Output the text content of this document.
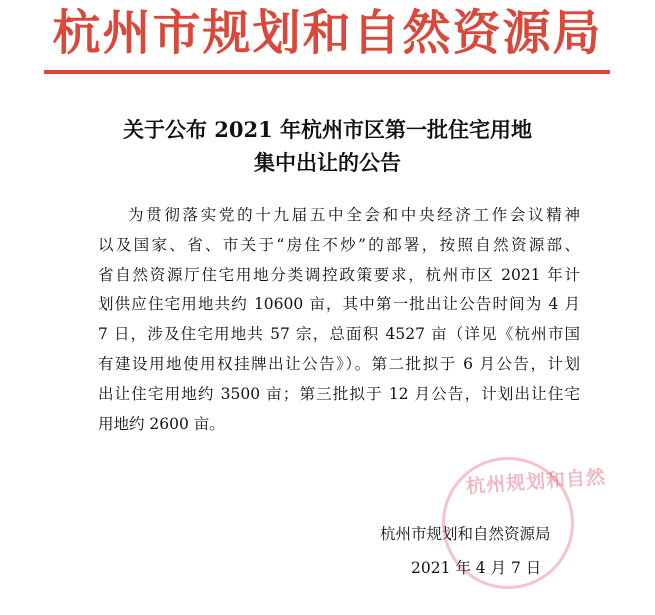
杭州市规划和自然资源局
关于公布 2021 年杭州市区第一批住宅用地
集中出让的公告
为贯彻落实党的十九届五中全会和中央经济工作会议精神
以及国家、省、市关于“房住不炒”的部署，按照自然资源部、
省自然资源厅住宅用地分类调控政策要求，杭州市区 2021 年计
划供应住宅用地共约 10600 亩，其中第一批出让公告时间为 4 月
7 日，涉及住宅用地共 57 宗，总面积 4527 亩（详见《杭州市国
有建设用地使用权挂牌出让公告》）。第二批拟于 6 月公告，计划
出让住宅用地约 3500 亩；第三批拟于 12 月公告，计划出让住宅
用地约 2600 亩。
杭州规划和自然
杭州市规划和自然资源局
2021 年 4 月 7 日
